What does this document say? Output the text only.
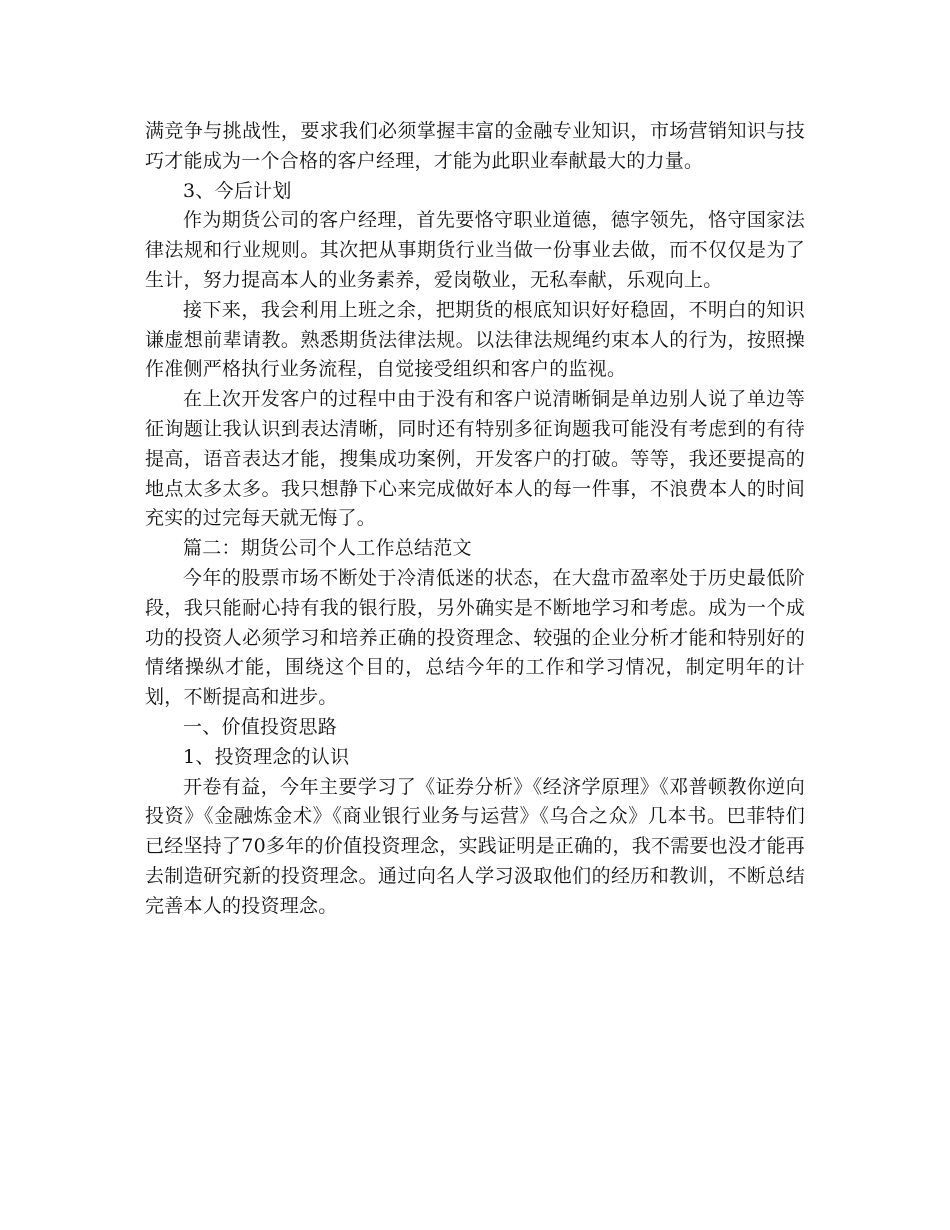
满竞争与挑战性，要求我们必须掌握丰富的金融专业知识，市场营销知识与技巧才能成为一个合格的客户经理，才能为此职业奉献最大的力量。

3、今后计划

作为期货公司的客户经理，首先要恪守职业道德，德字领先，恪守国家法律法规和行业规则。其次把从事期货行业当做一份事业去做，而不仅仅是为了生计，努力提高本人的业务素养，爱岗敬业，无私奉献，乐观向上。

接下来，我会利用上班之余，把期货的根底知识好好稳固，不明白的知识谦虚想前辈请教。熟悉期货法律法规。以法律法规绳约束本人的行为，按照操作准侧严格执行业务流程，自觉接受组织和客户的监视。

在上次开发客户的过程中由于没有和客户说清晰铜是单边别人说了单边等征询题让我认识到表达清晰，同时还有特别多征询题我可能没有考虑到的有待提高，语音表达才能，搜集成功案例，开发客户的打破。等等，我还要提高的地点太多太多。我只想静下心来完成做好本人的每一件事，不浪费本人的时间充实的过完每天就无悔了。

篇二：期货公司个人工作总结范文

今年的股票市场不断处于冷清低迷的状态，在大盘市盈率处于历史最低阶段，我只能耐心持有我的银行股，另外确实是不断地学习和考虑。成为一个成功的投资人必须学习和培养正确的投资理念、较强的企业分析才能和特别好的情绪操纵才能，围绕这个目的，总结今年的工作和学习情况，制定明年的计划，不断提高和进步。

一、价值投资思路

1、投资理念的认识

开卷有益，今年主要学习了《证券分析》《经济学原理》《邓普顿教你逆向投资》《金融炼金术》《商业银行业务与运营》《乌合之众》几本书。巴菲特们已经坚持了70多年的价值投资理念，实践证明是正确的，我不需要也没才能再去制造研究新的投资理念。通过向名人学习汲取他们的经历和教训，不断总结完善本人的投资理念。
